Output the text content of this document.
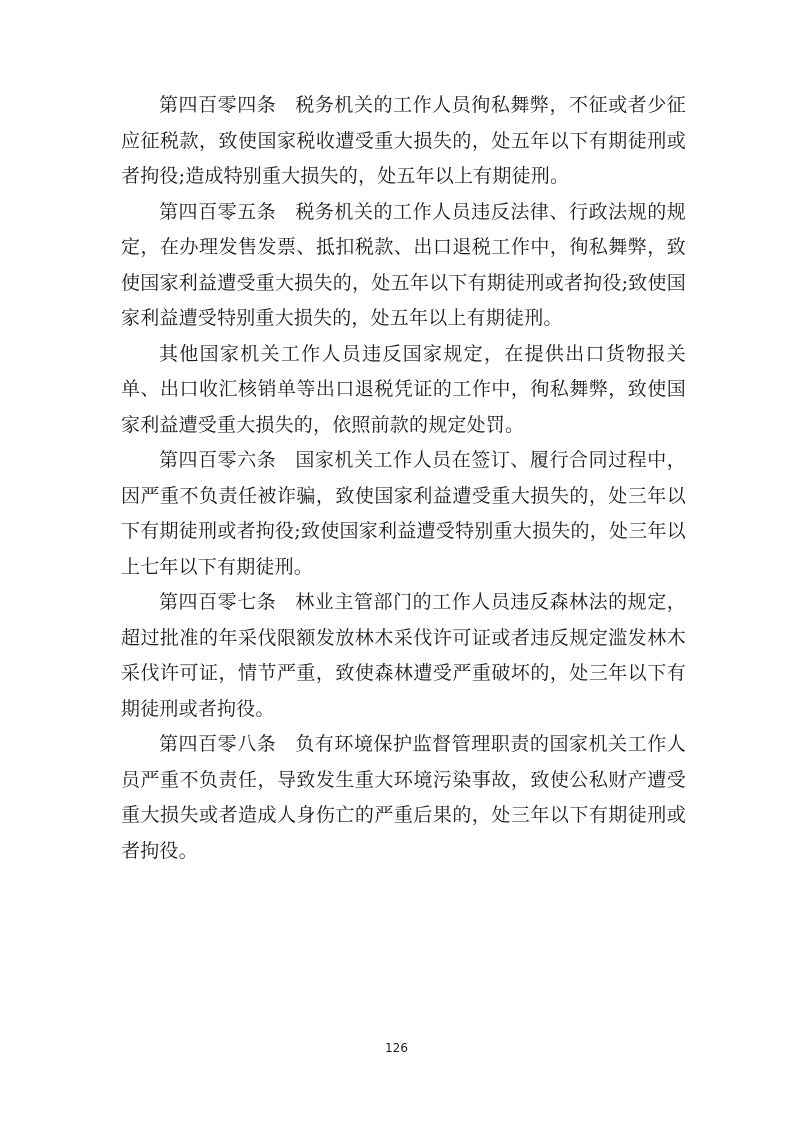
第四百零四条 税务机关的工作人员徇私舞弊，不征或者少征应征税款，致使国家税收遭受重大损失的，处五年以下有期徒刑或者拘役;造成特别重大损失的，处五年以上有期徒刑。

第四百零五条 税务机关的工作人员违反法律、行政法规的规定，在办理发售发票、抵扣税款、出口退税工作中，徇私舞弊，致使国家利益遭受重大损失的，处五年以下有期徒刑或者拘役;致使国家利益遭受特别重大损失的，处五年以上有期徒刑。

其他国家机关工作人员违反国家规定，在提供出口货物报关单、出口收汇核销单等出口退税凭证的工作中，徇私舞弊，致使国家利益遭受重大损失的，依照前款的规定处罚。

第四百零六条 国家机关工作人员在签订、履行合同过程中，因严重不负责任被诈骗，致使国家利益遭受重大损失的，处三年以下有期徒刑或者拘役;致使国家利益遭受特别重大损失的，处三年以上七年以下有期徒刑。

第四百零七条 林业主管部门的工作人员违反森林法的规定，超过批准的年采伐限额发放林木采伐许可证或者违反规定滥发林木采伐许可证，情节严重，致使森林遭受严重破坏的，处三年以下有期徒刑或者拘役。

第四百零八条 负有环境保护监督管理职责的国家机关工作人员严重不负责任，导致发生重大环境污染事故，致使公私财产遭受重大损失或者造成人身伤亡的严重后果的，处三年以下有期徒刑或者拘役。

126
